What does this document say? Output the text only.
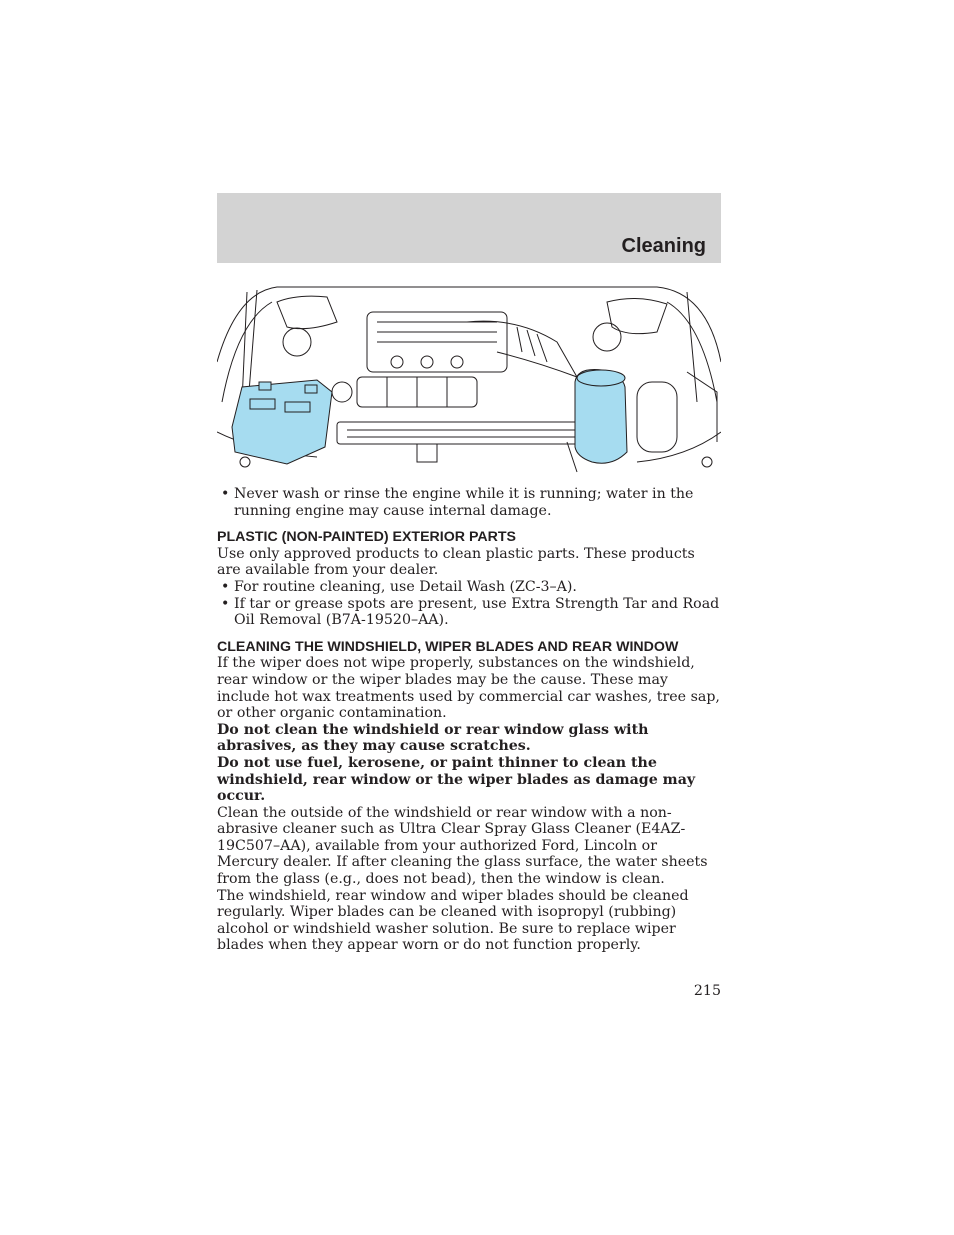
Cleaning

• Never wash or rinse the engine while it is running; water in the running engine may cause internal damage.

PLASTIC (NON-PAINTED) EXTERIOR PARTS

Use only approved products to clean plastic parts. These products are available from your dealer.

• For routine cleaning, use Detail Wash (ZC-3–A).

• If tar or grease spots are present, use Extra Strength Tar and Road Oil Removal (B7A-19520–AA).

CLEANING THE WINDSHIELD, WIPER BLADES AND REAR WINDOW

If the wiper does not wipe properly, substances on the windshield, rear window or the wiper blades may be the cause. These may include hot wax treatments used by commercial car washes, tree sap, or other organic contamination.

Do not clean the windshield or rear window glass with abrasives, as they may cause scratches.

Do not use fuel, kerosene, or paint thinner to clean the windshield, rear window or the wiper blades as damage may occur.

Clean the outside of the windshield or rear window with a non-abrasive cleaner such as Ultra Clear Spray Glass Cleaner (E4AZ-19C507–AA), available from your authorized Ford, Lincoln or Mercury dealer. If after cleaning the glass surface, the water sheets from the glass (e.g., does not bead), then the window is clean.

The windshield, rear window and wiper blades should be cleaned regularly. Wiper blades can be cleaned with isopropyl (rubbing) alcohol or windshield washer solution. Be sure to replace wiper blades when they appear worn or do not function properly.

215
